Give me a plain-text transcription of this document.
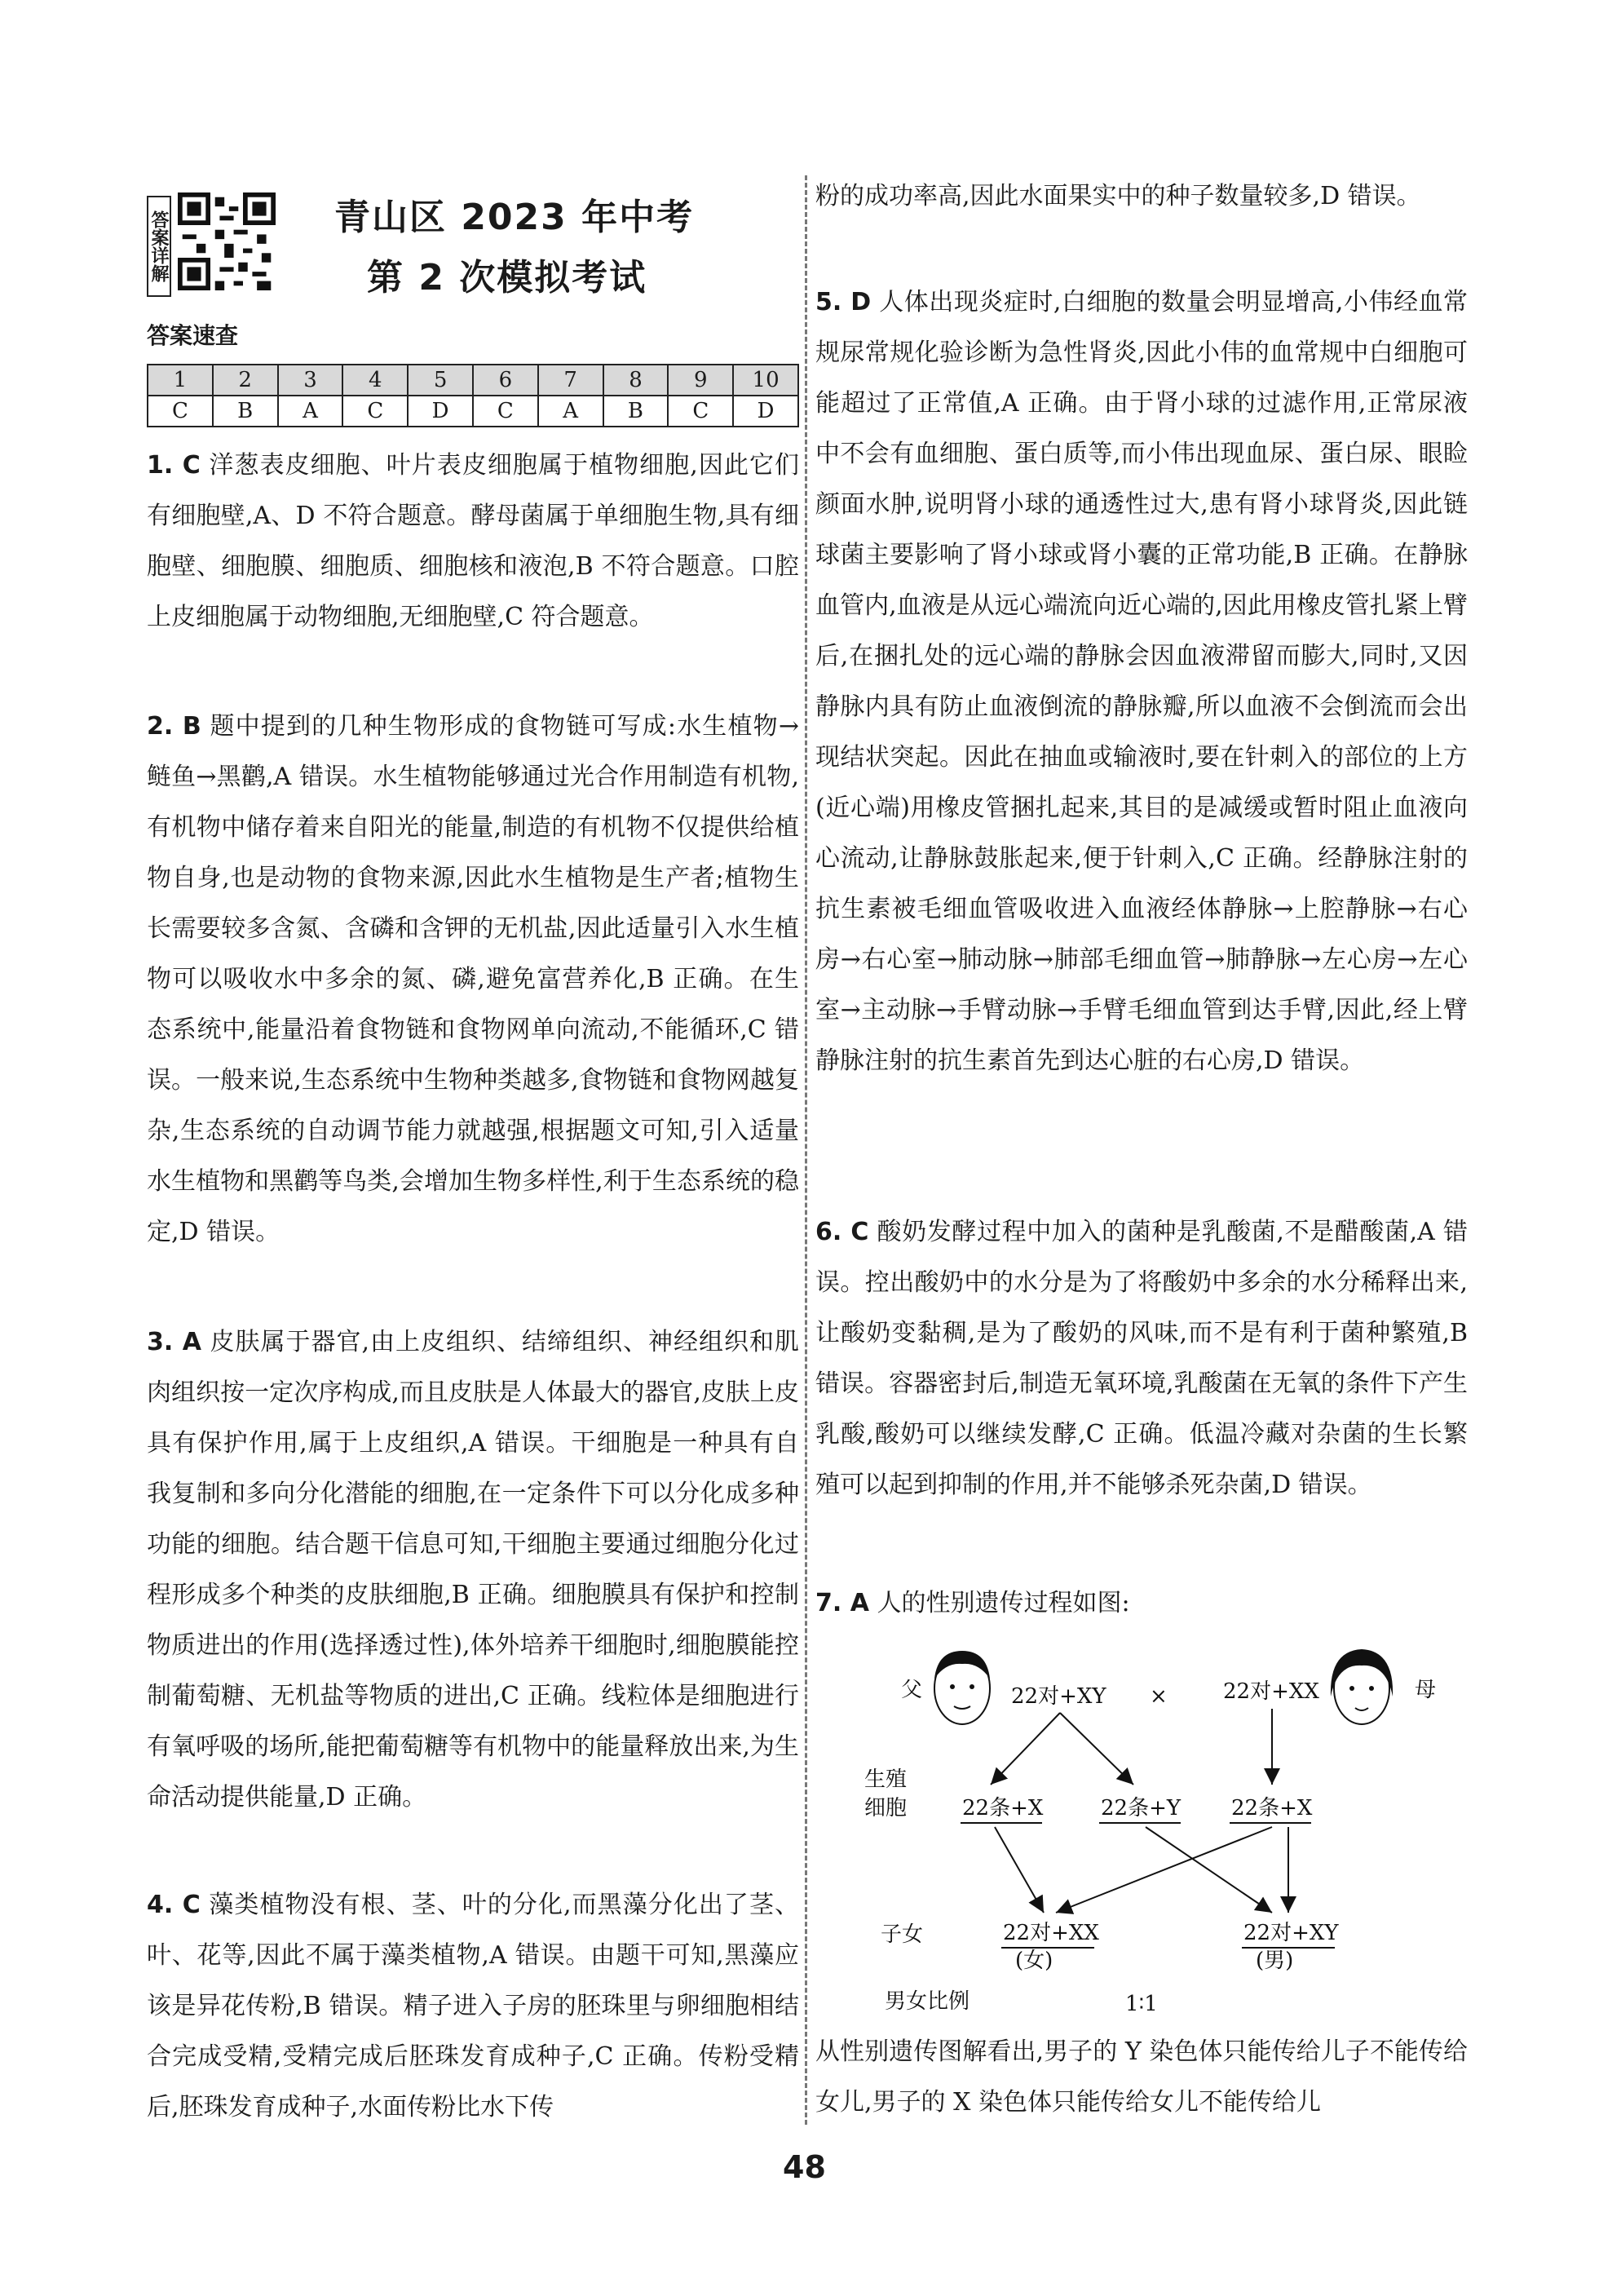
答案详解	青山区 2023 年中考
第 2 次模拟考试
答案速查
1	2	3	4	5	6	7	8	9	10
C	B	A	C	D	C	A	B	C	D
1. C 洋葱表皮细胞、叶片表皮细胞属于植物细胞,因此它们有细胞壁,A、D 不符合题意。酵母菌属于单细胞生物,具有细胞壁、细胞膜、细胞质、细胞核和液泡,B 不符合题意。口腔上皮细胞属于动物细胞,无细胞壁,C 符合题意。
2. B 题中提到的几种生物形成的食物链可写成:水生植物→鲢鱼→黑鹳,A 错误。水生植物能够通过光合作用制造有机物,有机物中储存着来自阳光的能量,制造的有机物不仅提供给植物自身,也是动物的食物来源,因此水生植物是生产者;植物生长需要较多含氮、含磷和含钾的无机盐,因此适量引入水生植物可以吸收水中多余的氮、磷,避免富营养化,B 正确。在生态系统中,能量沿着食物链和食物网单向流动,不能循环,C 错误。一般来说,生态系统中生物种类越多,食物链和食物网越复杂,生态系统的自动调节能力就越强,根据题文可知,引入适量水生植物和黑鹳等鸟类,会增加生物多样性,利于生态系统的稳定,D 错误。
3. A 皮肤属于器官,由上皮组织、结缔组织、神经组织和肌肉组织按一定次序构成,而且皮肤是人体最大的器官,皮肤上皮具有保护作用,属于上皮组织,A 错误。干细胞是一种具有自我复制和多向分化潜能的细胞,在一定条件下可以分化成多种功能的细胞。结合题干信息可知,干细胞主要通过细胞分化过程形成多个种类的皮肤细胞,B 正确。细胞膜具有保护和控制物质进出的作用(选择透过性),体外培养干细胞时,细胞膜能控制葡萄糖、无机盐等物质的进出,C 正确。线粒体是细胞进行有氧呼吸的场所,能把葡萄糖等有机物中的能量释放出来,为生命活动提供能量,D 正确。
4. C 藻类植物没有根、茎、叶的分化,而黑藻分化出了茎、叶、花等,因此不属于藻类植物,A 错误。由题干可知,黑藻应该是异花传粉,B 错误。精子进入子房的胚珠里与卵细胞相结合完成受精,受精完成后胚珠发育成种子,C 正确。传粉受精后,胚珠发育成种子,水面传粉比水下传
粉的成功率高,因此水面果实中的种子数量较多,D 错误。
5. D 人体出现炎症时,白细胞的数量会明显增高,小伟经血常规尿常规化验诊断为急性肾炎,因此小伟的血常规中白细胞可能超过了正常值,A 正确。由于肾小球的过滤作用,正常尿液中不会有血细胞、蛋白质等,而小伟出现血尿、蛋白尿、眼睑颜面水肿,说明肾小球的通透性过大,患有肾小球肾炎,因此链球菌主要影响了肾小球或肾小囊的正常功能,B 正确。在静脉血管内,血液是从远心端流向近心端的,因此用橡皮管扎紧上臂后,在捆扎处的远心端的静脉会因血液滞留而膨大,同时,又因静脉内具有防止血液倒流的静脉瓣,所以血液不会倒流而会出现结状突起。因此在抽血或输液时,要在针刺入的部位的上方(近心端)用橡皮管捆扎起来,其目的是减缓或暂时阻止血液向心流动,让静脉鼓胀起来,便于针刺入,C 正确。经静脉注射的抗生素被毛细血管吸收进入血液经体静脉→上腔静脉→右心房→右心室→肺动脉→肺部毛细血管→肺静脉→左心房→左心室→主动脉→手臂动脉→手臂毛细血管到达手臂,因此,经上臂静脉注射的抗生素首先到达心脏的右心房,D 错误。
6. C 酸奶发酵过程中加入的菌种是乳酸菌,不是醋酸菌,A 错误。控出酸奶中的水分是为了将酸奶中多余的水分稀释出来,让酸奶变黏稠,是为了酸奶的风味,而不是有利于菌种繁殖,B 错误。容器密封后,制造无氧环境,乳酸菌在无氧的条件下产生乳酸,酸奶可以继续发酵,C 正确。低温冷藏对杂菌的生长繁殖可以起到抑制的作用,并不能够杀死杂菌,D 错误。
7. A 人的性别遗传过程如图:
父	22对+XY ×	22对+XX	母
生殖
细胞	22条+X	22条+Y 22条+X
子女	22对+XX
(女)
22对+XY
(男)
男女比例	1∶1
从性别遗传图解看出,男子的 Y 染色体只能传给儿子不能传给女儿,男子的 X 染色体只能传给女儿不能传给儿
48
